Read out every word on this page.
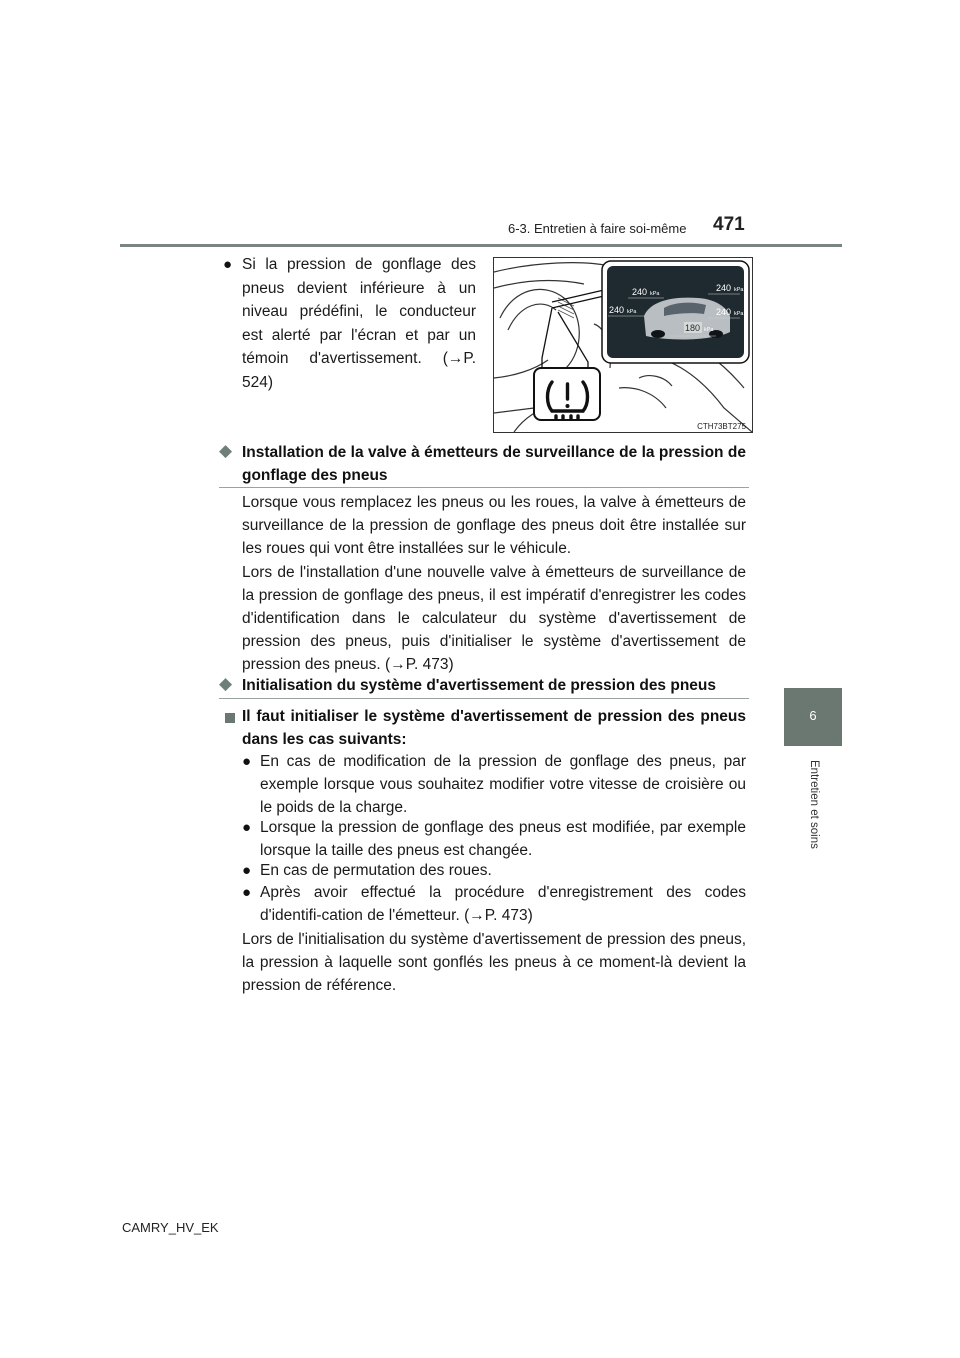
6-3. Entretien à faire soi-même 471
6
Entretien et soins
● Si la pression de gonflage des pneus devient inférieure à un niveau prédéfini, le conducteur est alerté par l'écran et par un témoin d'avertissement. (→P. 524)
240 kPa
240 kPa
240 kPa	240 kPa
180 kPa
CTH73BT275
◆ Installation de la valve à émetteurs de surveillance de la pression de gonflage des pneus
Lorsque vous remplacez les pneus ou les roues, la valve à émetteurs de surveillance de la pression de gonflage des pneus doit être installée sur les roues qui vont être installées sur le véhicule.
Lors de l'installation d'une nouvelle valve à émetteurs de surveillance de la pression de gonflage des pneus, il est impératif d'enregistrer les codes d'identification dans le calculateur du système d'avertissement de pression des pneus, puis d'initialiser le système d'avertissement de pression des pneus. (→P. 473)
◆ Initialisation du système d'avertissement de pression des pneus
Il faut initialiser le système d'avertissement de pression des pneus dans les cas suivants:
● En cas de modification de la pression de gonflage des pneus, par exemple lorsque vous souhaitez modifier votre vitesse de croisière ou le poids de la charge.
● Lorsque la pression de gonflage des pneus est modifiée, par exemple lorsque la taille des pneus est changée.
● En cas de permutation des roues.
● Après avoir effectué la procédure d'enregistrement des codes d'identifi-cation de l'émetteur. (→P. 473)
Lors de l'initialisation du système d'avertissement de pression des pneus, la pression à laquelle sont gonflés les pneus à ce moment-là devient la pression de référence.
CAMRY_HV_EK
